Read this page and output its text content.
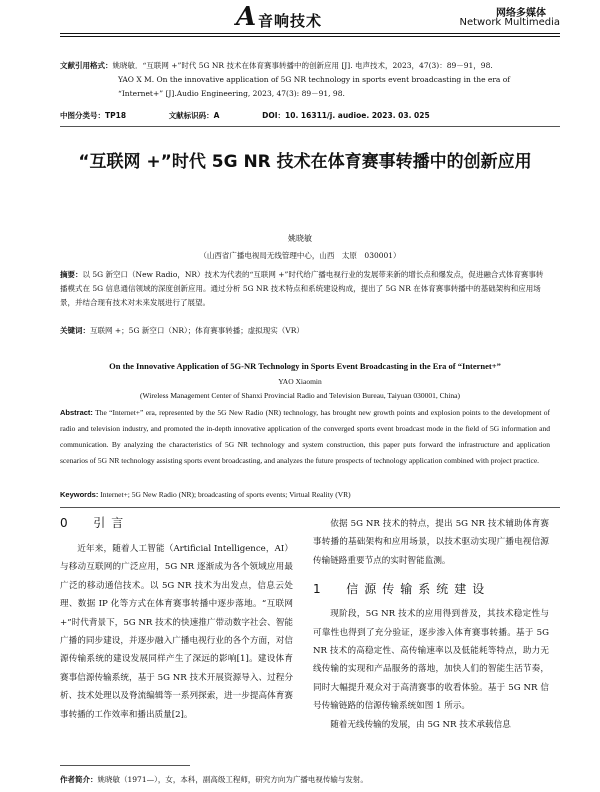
A 音响技术	网络多媒体
Network Multimedia
文献引用格式：姚晓敏．“互联网 +”时代 5G NR 技术在体育赛事转播中的创新应用 [J]. 电声技术，2023，47(3)：89－91，98.
YAO X M. On the innovative application of 5G NR technology in sports event broadcasting in the era of “Internet+” [J].Audio Engineering, 2023, 47(3): 89－91, 98.
中图分类号：TP18	文献标识码：A	DOI：10. 16311/j. audioe. 2023. 03. 025
“互联网 +”时代 5G NR 技术在体育赛事转播中的创新应用
姚晓敏
（山西省广播电视局无线管理中心，山西　太原　030001）
摘要：以 5G 新空口（New Radio，NR）技术为代表的“互联网 +”时代给广播电视行业的发展带来新的增长点和爆发点，促进融合式体育赛事转播模式在 5G 信息通信领域的深度创新应用。通过分析 5G NR 技术特点和系统建设构成，提出了 5G NR 在体育赛事转播中的基础架构和应用场景，并结合现有技术对未来发展进行了展望。
关键词：互联网 +；5G 新空口（NR）；体育赛事转播；虚拟现实（VR）
On the Innovative Application of 5G-NR Technology in Sports Event Broadcasting in the Era of “Internet+”
YAO Xiaomin
(Wireless Management Center of Shanxi Provincial Radio and Television Bureau, Taiyuan 030001, China)
Abstract: The “Internet+” era, represented by the 5G New Radio (NR) technology, has brought new growth points and explosion points to the development of radio and television industry, and promoted the in-depth innovative application of the converged sports event broadcast mode in the field of 5G information and communication. By analyzing the characteristics of 5G NR technology and system construction, this paper puts forward the infrastructure and application scenarios of 5G NR technology assisting sports event broadcasting, and analyzes the future prospects of technology application combined with project practice.
Keywords: Internet+; 5G New Radio (NR); broadcasting of sports events; Virtual Reality (VR)
0 引言

近年来，随着人工智能（Artificial Intelligence，AI）与移动互联网的广泛应用，5G NR 逐渐成为各个领域应用最广泛的移动通信技术。以 5G NR 技术为出发点，信息云处理、数据 IP 化等方式在体育赛事转播中逐步落地。“互联网 +”时代背景下，5G NR 技术的快速推广带动数字社会、智能广播的同步建设，并逐步融入广播电视行业的各个方面，对信源传输系统的建设发展同样产生了深远的影响[1]。建设体育赛事信源传输系统，基于 5G NR 技术开展资源导入、过程分析、技术处理以及脊流编辑等一系列探索，进一步提高体育赛事转播的工作效率和播出质量[2]。

依据 5G NR 技术的特点，提出 5G NR 技术辅助体育赛事转播的基础架构和应用场景，以技术驱动实现广播电视信源传输链路重要节点的实时智能监测。

1 信源传输系统建设

现阶段，5G NR 技术的应用得到普及，其技术稳定性与可靠性也得到了充分验证，逐步渗入体育赛事转播。基于 5G NR 技术的高稳定性、高传输速率以及低能耗等特点，助力无线传输的实现和产品服务的落地，加快人们的智能生活节奏，同时大幅提升观众对于高清赛事的收看体验。基于 5G NR 信号传输链路的信源传输系统如图 1 所示。

随着无线传输的发展，由 5G NR 技术承载信息

作者简介：姚晓敏（1971—），女，本科，副高级工程师，研究方向为广播电视传输与发射。
